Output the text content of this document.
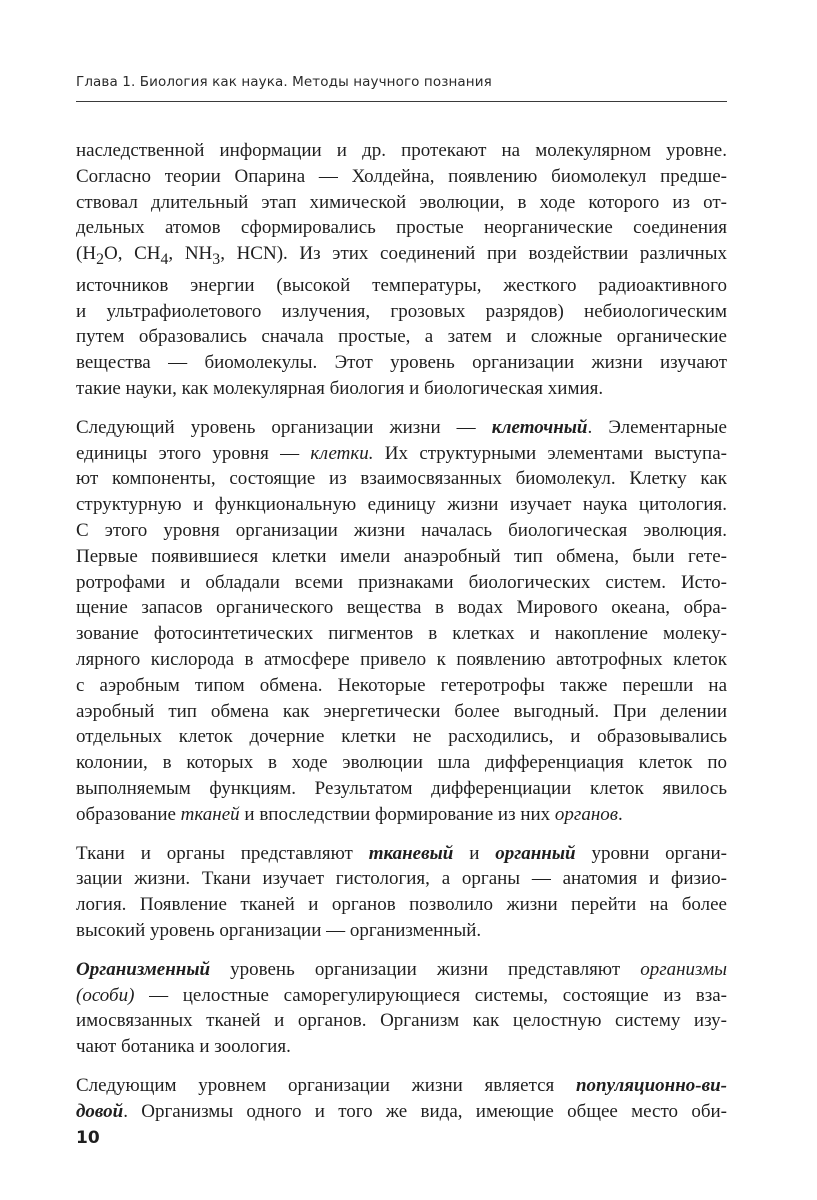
Глава 1. Биология как наука. Методы научного познания
наследственной информации и др. протекают на молекулярном уровне.
Согласно теории Опарина — Холдейна, появлению биомолекул предше-
ствовал длительный этап химической эволюции, в ходе которого из от-
дельных атомов сформировались простые неорганические соединения
($H_2O$, $CH_4$, $NH_3$, HCN). Из этих соединений при воздействии различных
источников энергии (высокой температуры, жесткого радиоактивного
и ультрафиолетового излучения, грозовых разрядов) небиологическим
путем образовались сначала простые, а затем и сложные органические
вещества — биомолекулы. Этот уровень организации жизни изучают
такие науки, как молекулярная биология и биологическая химия.
Следующий уровень организации жизни — клеточный. Элементарные
единицы этого уровня — клетки. Их структурными элементами выступа-
ют компоненты, состоящие из взаимосвязанных биомолекул. Клетку как
структурную и функциональную единицу жизни изучает наука цитология.
С этого уровня организации жизни началась биологическая эволюция.
Первые появившиеся клетки имели анаэробный тип обмена, были гете-
ротрофами и обладали всеми признаками биологических систем. Исто-
щение запасов органического вещества в водах Мирового океана, обра-
зование фотосинтетических пигментов в клетках и накопление молеку-
лярного кислорода в атмосфере привело к появлению автотрофных клеток
с аэробным типом обмена. Некоторые гетеротрофы также перешли на
аэробный тип обмена как энергетически более выгодный. При делении
отдельных клеток дочерние клетки не расходились, и образовывались
колонии, в которых в ходе эволюции шла дифференциация клеток по
выполняемым функциям. Результатом дифференциации клеток явилось
образование тканей и впоследствии формирование из них органов.
Ткани и органы представляют тканевый и органный уровни органи-
зации жизни. Ткани изучает гистология, а органы — анатомия и физио-
логия. Появление тканей и органов позволило жизни перейти на более
высокий уровень организации — организменный.
Организменный уровень организации жизни представляют организмы
(особи) — целостные саморегулирующиеся системы, состоящие из вза-
имосвязанных тканей и органов. Организм как целостную систему изу-
чают ботаника и зоология.
Следующим уровнем организации жизни является популяционно-ви-
довой. Организмы одного и того же вида, имеющие общее место оби-
10
